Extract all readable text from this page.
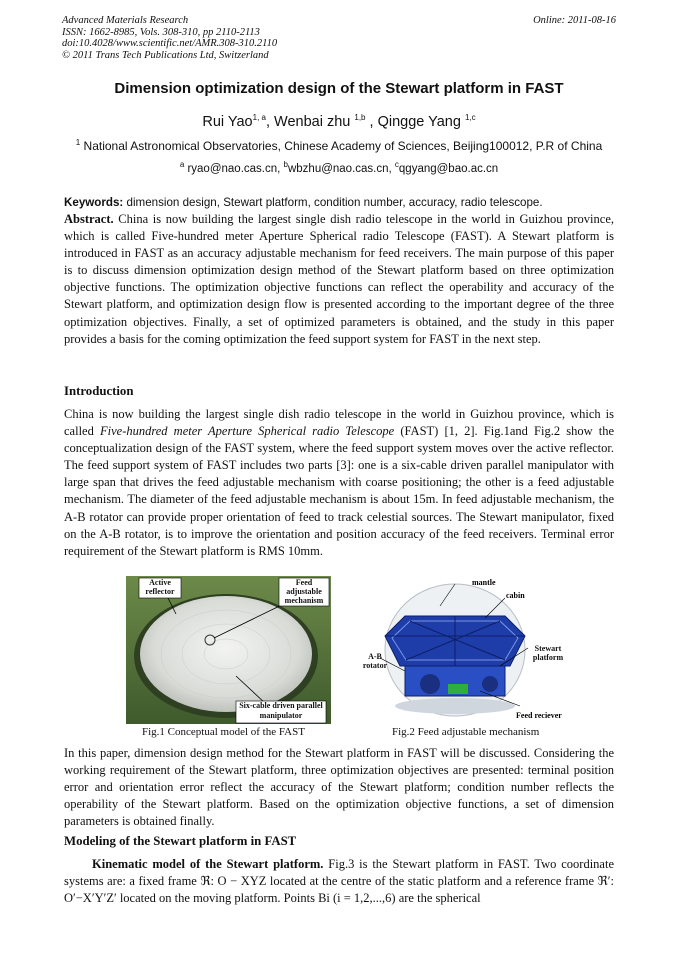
Advanced Materials Research
ISSN: 1662-8985, Vols. 308-310, pp 2110-2113
doi:10.4028/www.scientific.net/AMR.308-310.2110
© 2011 Trans Tech Publications Ltd, Switzerland
Online: 2011-08-16
Dimension optimization design of the Stewart platform in FAST
Rui Yao$^{1, a}$, Wenbai zhu $^{1,b}$ , Qingge Yang $^{1,c}$
$^1$ National Astronomical Observatories, Chinese Academy of Sciences, Beijing100012, P.R of China
$^a$ ryao@nao.cas.cn, $^b$wbzhu@nao.cas.cn, $^c$qgyang@bao.ac.cn
Keywords: dimension design, Stewart platform, condition number, accuracy, radio telescope.
Abstract. China is now building the largest single dish radio telescope in the world in Guizhou province, which is called Five-hundred meter Aperture Spherical radio Telescope (FAST). A Stewart platform is introduced in FAST as an accuracy adjustable mechanism for feed receivers. The main purpose of this paper is to discuss dimension optimization design method of the Stewart platform based on three optimization objective functions. The optimization objective functions can reflect the operability and accuracy of the Stewart platform, and optimization design flow is presented according to the important degree of the three optimization objectives. Finally, a set of optimized parameters is obtained, and the study in this paper provides a basis for the coming optimization the feed support system for FAST in the next step.
Introduction
China is now building the largest single dish radio telescope in the world in Guizhou province, which is called Five-hundred meter Aperture Spherical radio Telescope (FAST) [1, 2]. Fig.1and Fig.2 show the conceptualization design of the FAST system, where the feed support system moves over the active reflector. The feed support system of FAST includes two parts [3]: one is a six-cable driven parallel manipulator with large span that drives the feed adjustable mechanism with coarse positioning; the other is a feed adjustable mechanism. The diameter of the feed adjustable mechanism is about 15m. In feed adjustable mechanism, the A-B rotator can provide proper orientation of feed to track celestial sources. The Stewart manipulator, fixed on the A-B rotator, is to improve the orientation and position accuracy of the feed receivers. Terminal error requirement of the Stewart platform is RMS 10mm.
Active reflector
Feed adjustable mechanism
Six-cable driven parallel manipulator
mantle
cabin
A-B rotator
Stewart platform
Feed reciever
Fig.1 Conceptual model of the FAST	Fig.2 Feed adjustable mechanism
In this paper, dimension design method for the Stewart platform in FAST will be discussed. Considering the working requirement of the Stewart platform, three optimization objectives are presented: terminal position error and orientation error reflect the accuracy of the Stewart platform; condition number reflects the operability of the Stewart platform. Based on the optimization objective functions, a set of dimension parameters is obtained finally.
Modeling of the Stewart platform in FAST
Kinematic model of the Stewart platform. Fig.3 is the Stewart platform in FAST. Two coordinate systems are: a fixed frame ℜ: O − XYZ located at the centre of the static platform and a reference frame ℜ′: O′−X′Y′Z′ located on the moving platform. Points Bi (i = 1,2,...,6) are the spherical
